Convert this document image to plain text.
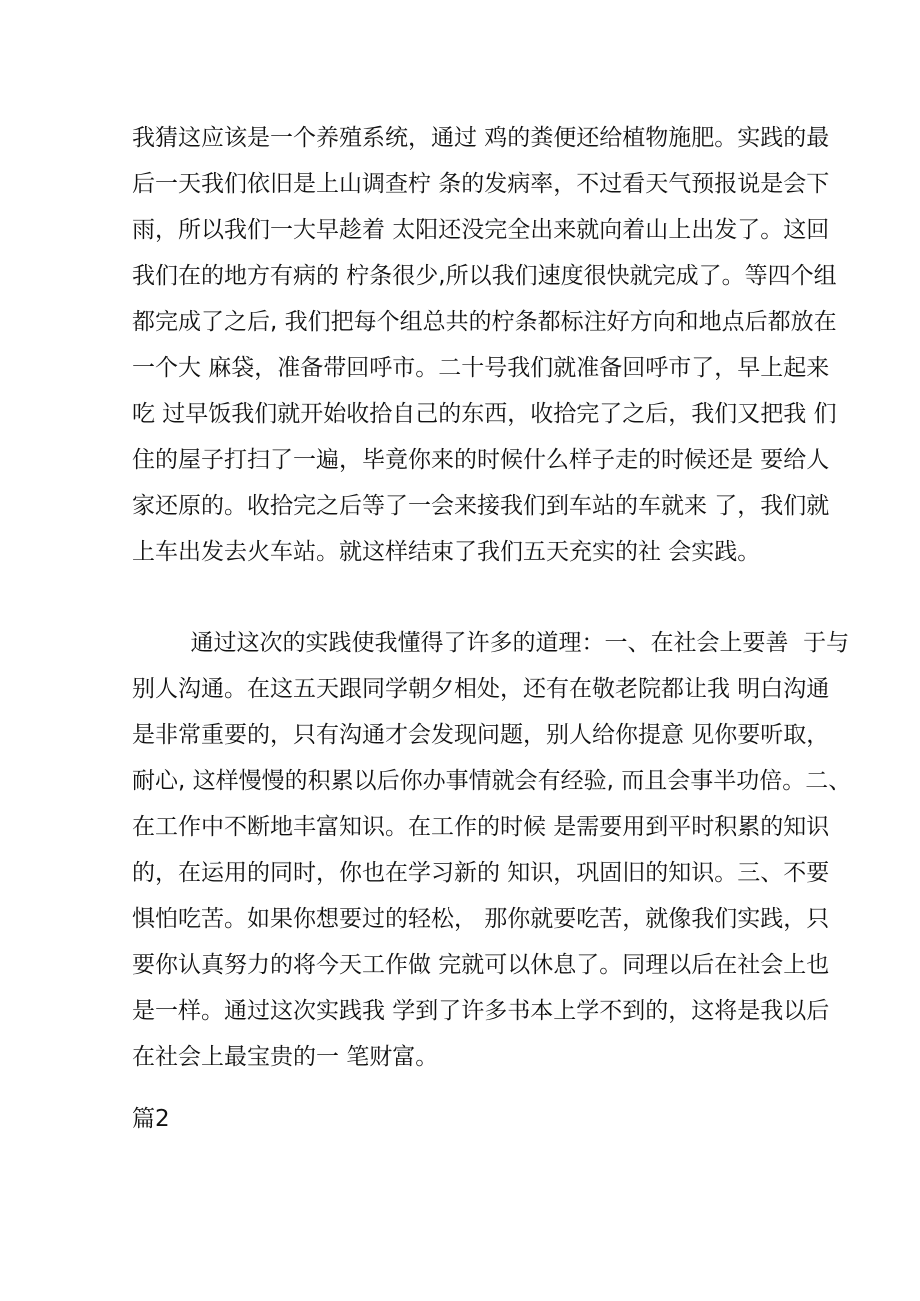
我猜这应该是一个养殖系统，通过 鸡的粪便还给植物施肥。实践的最
后一天我们依旧是上山调查柠 条的发病率，不过看天气预报说是会下
雨，所以我们一大早趁着 太阳还没完全出来就向着山上出发了。这回
我们在的地方有病的 柠条很少,所以我们速度很快就完成了。等四个组
都完成了之后, 我们把每个组总共的柠条都标注好方向和地点后都放在
一个大 麻袋，准备带回呼市。二十号我们就准备回呼市了，早上起来
吃 过早饭我们就开始收拾自己的东西，收拾完了之后，我们又把我 们
住的屋子打扫了一遍，毕竟你来的时候什么样子走的时候还是 要给人
家还原的。收拾完之后等了一会来接我们到车站的车就来 了，我们就
上车出发去火车站。就这样结束了我们五天充实的社 会实践。
通过这次的实践使我懂得了许多的道理：一、在社会上要善  于与
别人沟通。在这五天跟同学朝夕相处，还有在敬老院都让我 明白沟通
是非常重要的，只有沟通才会发现问题，别人给你提意 见你要听取，
耐心, 这样慢慢的积累以后你办事情就会有经验, 而且会事半功倍。二、
在工作中不断地丰富知识。在工作的时候 是需要用到平时积累的知识
的，在运用的同时，你也在学习新的 知识，巩固旧的知识。三、不要
惧怕吃苦。如果你想要过的轻松， 那你就要吃苦，就像我们实践，只
要你认真努力的将今天工作做 完就可以休息了。同理以后在社会上也
是一样。通过这次实践我 学到了许多书本上学不到的，这将是我以后
在社会上最宝贵的一 笔财富。
篇2
